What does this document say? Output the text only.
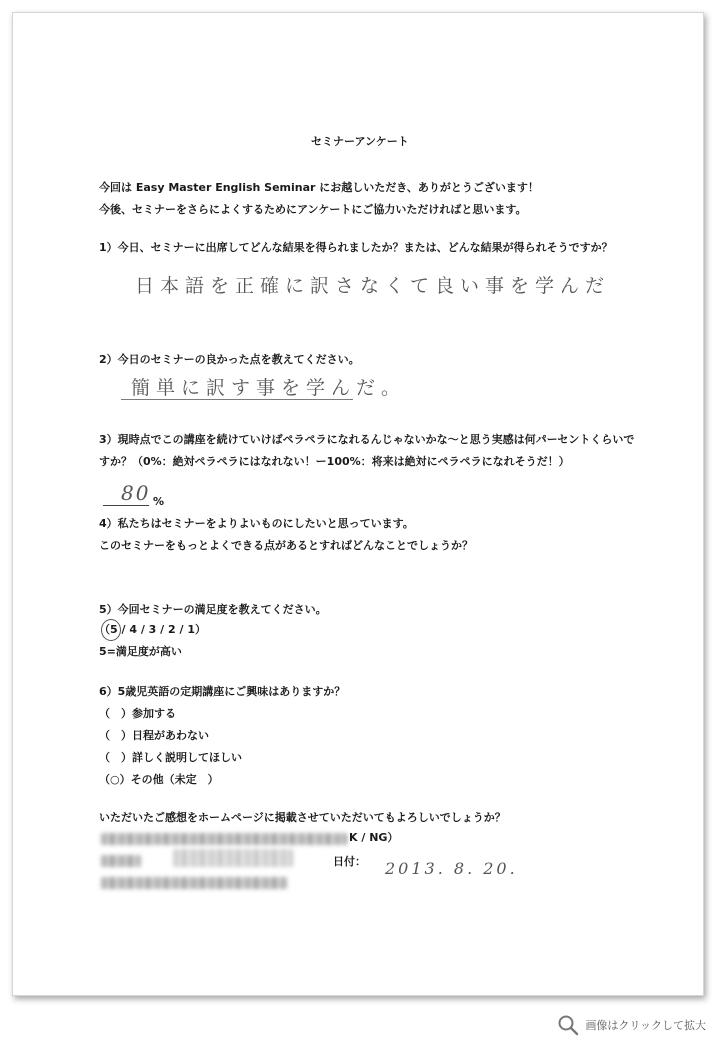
セミナーアンケート
今回は Easy Master English Seminar にお越しいただき、ありがとうございます！
今後、セミナーをさらによくするためにアンケートにご協力いただければと思います。
1）今日、セミナーに出席してどんな結果を得られましたか？または、どんな結果が得られそうですか？
日本語を正確に訳さなくて良い事を学んだ
2）今日のセミナーの良かった点を教えてください。
簡単に訳す事を学んだ。
3）現時点でこの講座を続けていけばペラペラになれるんじゃないかな～と思う実感は何パーセントくらいで
すか？（0%：絶対ペラペラにはなれない！ー100%：将来は絶対にペラペラになれそうだ！）
80 %
4）私たちはセミナーをよりよいものにしたいと思っています。
このセミナーをもっとよくできる点があるとすればどんなことでしょうか？
5）今回セミナーの満足度を教えてください。
（5 / 4 / 3 / 2 / 1）
5=満足度が高い
6）5歳児英語の定期講座にご興味はありますか？
（　）参加する
（　）日程があわない
（　）詳しく説明してほしい
（○）その他（未定　）
いただいたご感想をホームページに掲載させていただいてもよろしいでしょうか？
K / NG）
日付： 2013. 8. 20.
画像はクリックして拡大
